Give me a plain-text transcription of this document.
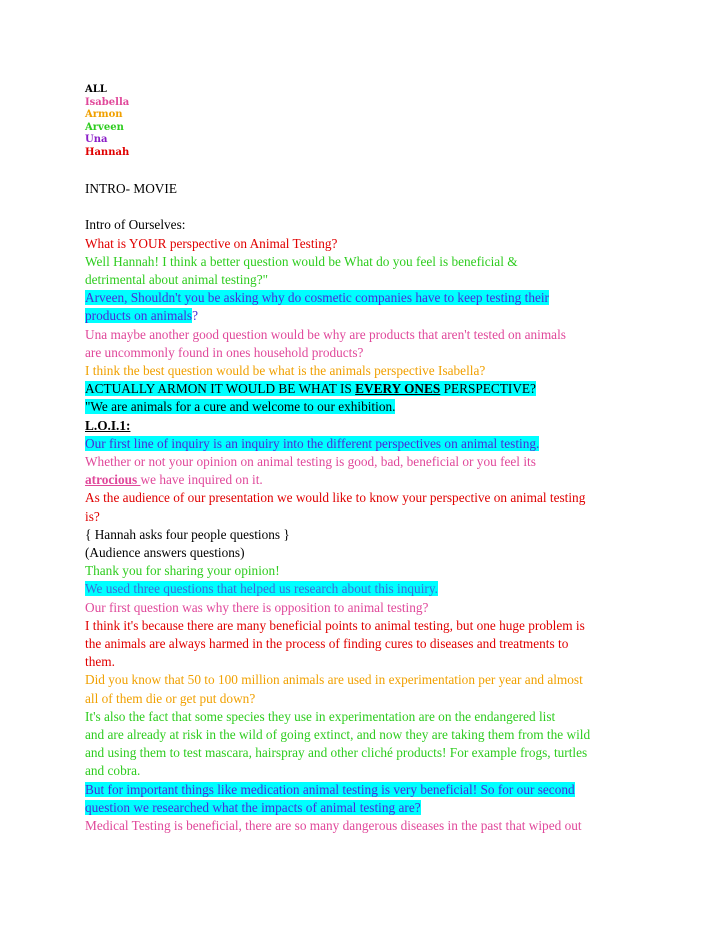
ALL
Isabella
Armon
Arveen
Una
Hannah
INTRO- MOVIE
Intro of Ourselves:
What is YOUR perspective on Animal Testing?
Well Hannah! I think a better question would be What do you feel is beneficial &
detrimental about animal testing?"
Arveen, Shouldn't you be asking why do cosmetic companies have to keep testing their
products on animals?
Una maybe another good question would be why are products that aren't tested on animals
are uncommonly found in ones household products?
I think the best question would be what is the animals perspective Isabella?
ACTUALLY ARMON IT WOULD BE WHAT IS EVERY ONES PERSPECTIVE?
"We are animals for a cure and welcome to our exhibition.
L.O.I.1:
Our first line of inquiry is an inquiry into the different perspectives on animal testing.
Whether or not your opinion on animal testing is good, bad, beneficial or you feel its
atrocious we have inquired on it.
As the audience of our presentation we would like to know your perspective on animal testing
is?
{ Hannah asks four people questions }
(Audience answers questions)
Thank you for sharing your opinion!
We used three questions that helped us research about this inquiry.
Our first question was why there is opposition to animal testing?
I think it's because there are many beneficial points to animal testing, but one huge problem is
the animals are always harmed in the process of finding cures to diseases and treatments to
them.
Did you know that 50 to 100 million animals are used in experimentation per year and almost
all of them die or get put down?
It's also the fact that some species they use in experimentation are on the endangered list
and are already at risk in the wild of going extinct, and now they are taking them from the wild
and using them to test mascara, hairspray and other cliché products! For example frogs, turtles
and cobra.
But for important things like medication animal testing is very beneficial! So for our second
question we researched what the impacts of animal testing are?
Medical Testing is beneficial, there are so many dangerous diseases in the past that wiped out
